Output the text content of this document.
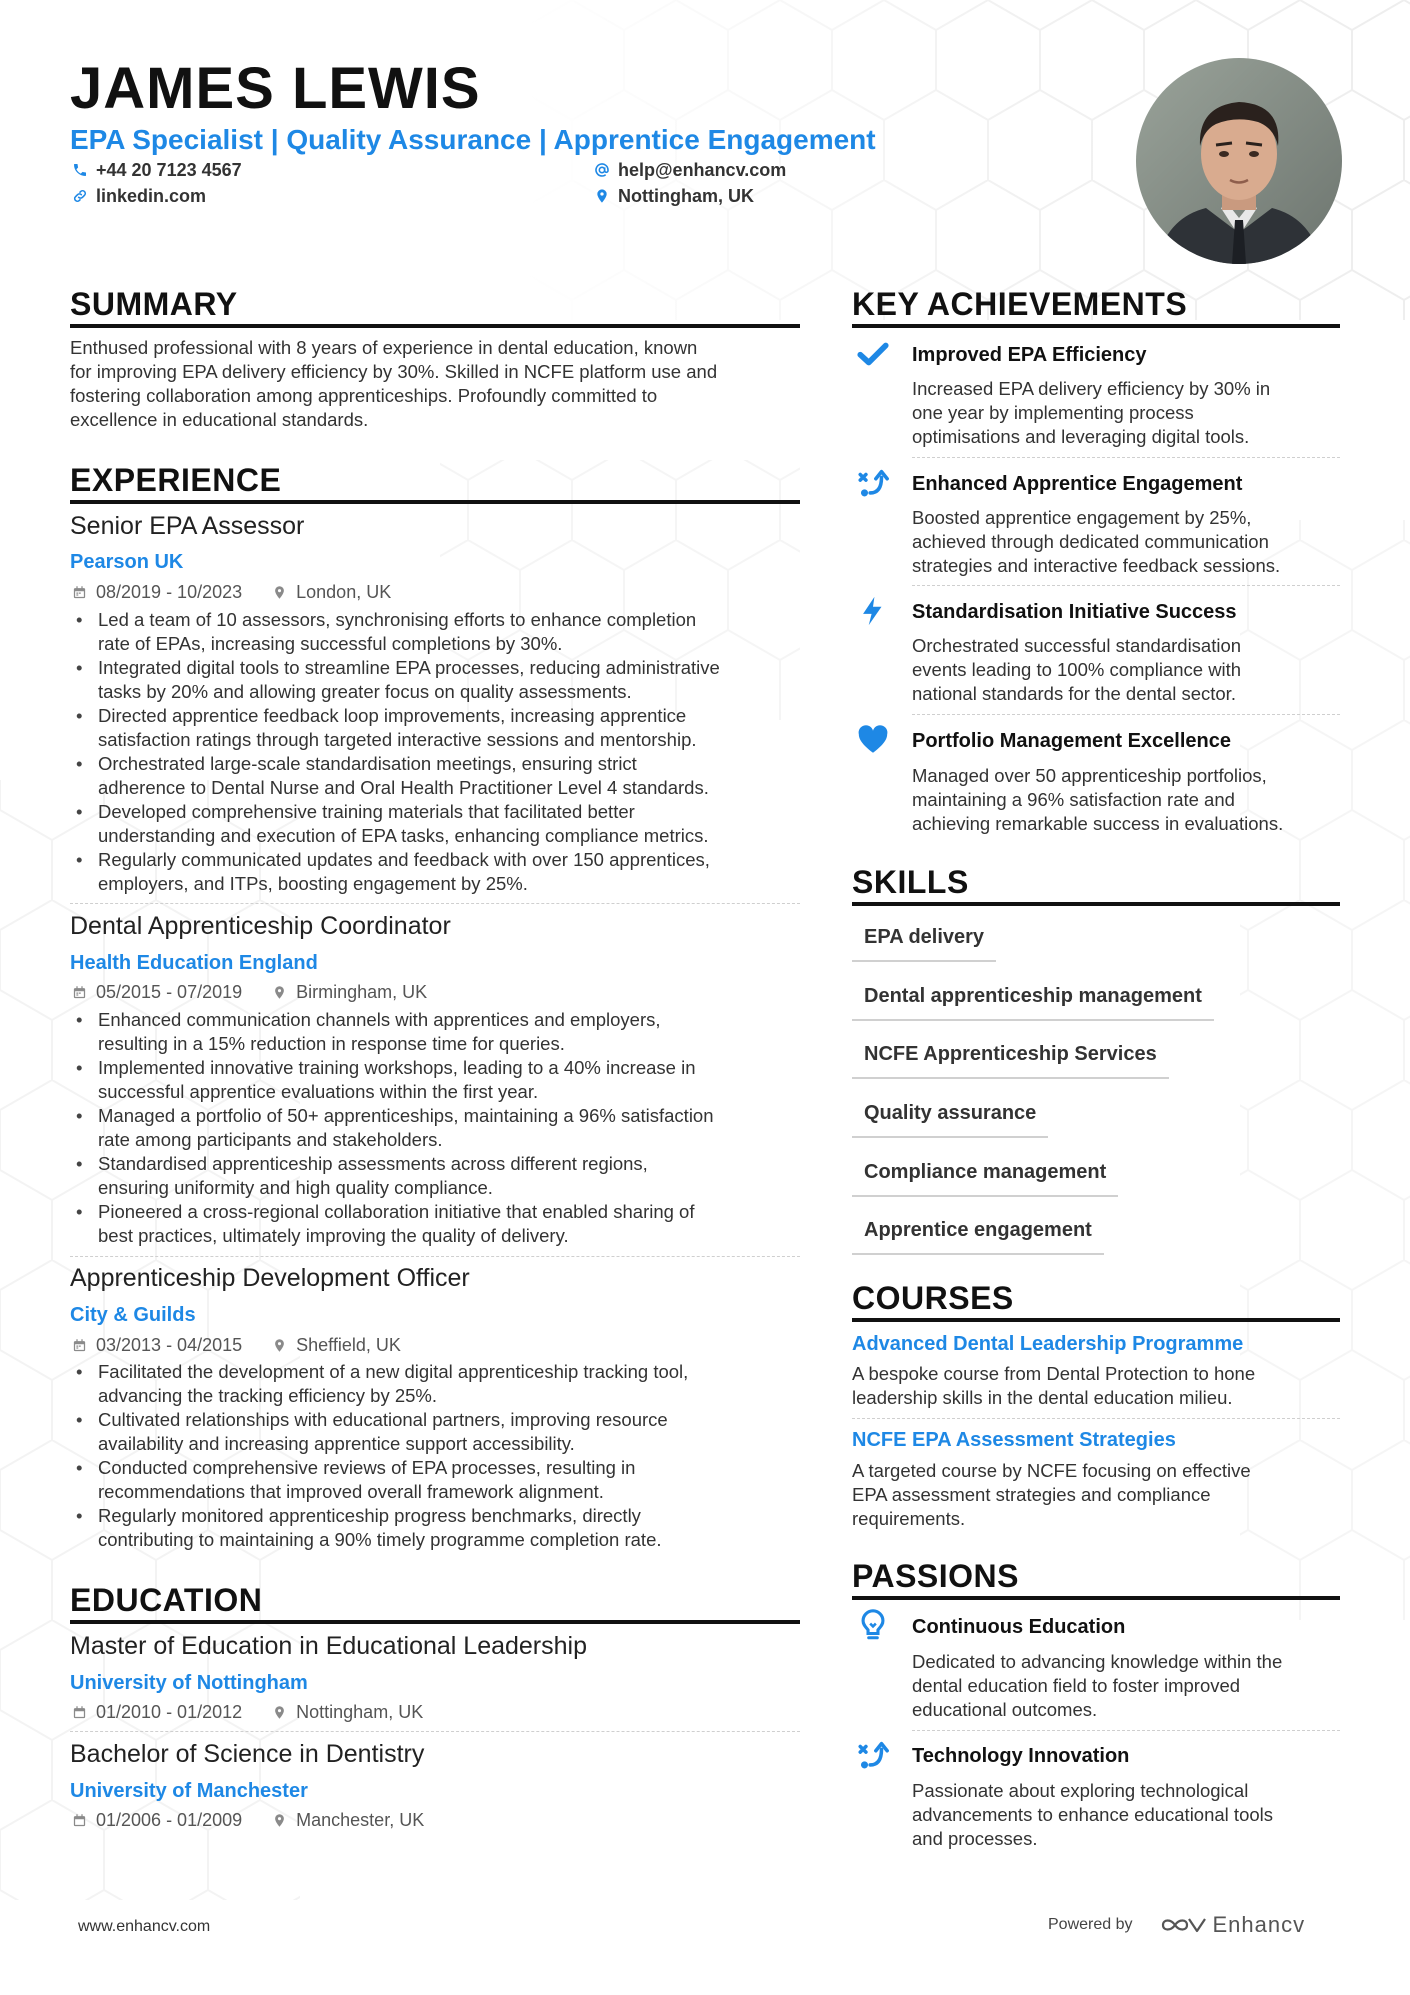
JAMES LEWIS
EPA Specialist | Quality Assurance | Apprentice Engagement
+44 20 7123 4567	help@enhancv.com
linkedin.com	Nottingham, UK
SUMMARY
Enthused professional with 8 years of experience in dental education, known
for improving EPA delivery efficiency by 30%. Skilled in NCFE platform use and
fostering collaboration among apprenticeships. Profoundly committed to
excellence in educational standards.
EXPERIENCE
Senior EPA Assessor
Pearson UK
08/2019 - 10/2023	London, UK
• Led a team of 10 assessors, synchronising efforts to enhance completion
rate of EPAs, increasing successful completions by 30%.
• Integrated digital tools to streamline EPA processes, reducing administrative
tasks by 20% and allowing greater focus on quality assessments.
• Directed apprentice feedback loop improvements, increasing apprentice
satisfaction ratings through targeted interactive sessions and mentorship.
• Orchestrated large-scale standardisation meetings, ensuring strict
adherence to Dental Nurse and Oral Health Practitioner Level 4 standards.
• Developed comprehensive training materials that facilitated better
understanding and execution of EPA tasks, enhancing compliance metrics.
• Regularly communicated updates and feedback with over 150 apprentices,
employers, and ITPs, boosting engagement by 25%.
Dental Apprenticeship Coordinator
Health Education England
05/2015 - 07/2019	Birmingham, UK
• Enhanced communication channels with apprentices and employers,
resulting in a 15% reduction in response time for queries.
• Implemented innovative training workshops, leading to a 40% increase in
successful apprentice evaluations within the first year.
• Managed a portfolio of 50+ apprenticeships, maintaining a 96% satisfaction
rate among participants and stakeholders.
• Standardised apprenticeship assessments across different regions,
ensuring uniformity and high quality compliance.
• Pioneered a cross-regional collaboration initiative that enabled sharing of
best practices, ultimately improving the quality of delivery.
Apprenticeship Development Officer
City & Guilds
03/2013 - 04/2015	Sheffield, UK
• Facilitated the development of a new digital apprenticeship tracking tool,
advancing the tracking efficiency by 25%.
• Cultivated relationships with educational partners, improving resource
availability and increasing apprentice support accessibility.
• Conducted comprehensive reviews of EPA processes, resulting in
recommendations that improved overall framework alignment.
• Regularly monitored apprenticeship progress benchmarks, directly
contributing to maintaining a 90% timely programme completion rate.
EDUCATION
Master of Education in Educational Leadership
University of Nottingham
01/2010 - 01/2012	Nottingham, UK
Bachelor of Science in Dentistry
University of Manchester
01/2006 - 01/2009	Manchester, UK
KEY ACHIEVEMENTS
Improved EPA Efficiency
Increased EPA delivery efficiency by 30% in
one year by implementing process
optimisations and leveraging digital tools.
Enhanced Apprentice Engagement
Boosted apprentice engagement by 25%,
achieved through dedicated communication
strategies and interactive feedback sessions.
Standardisation Initiative Success
Orchestrated successful standardisation
events leading to 100% compliance with
national standards for the dental sector.
Portfolio Management Excellence
Managed over 50 apprenticeship portfolios,
maintaining a 96% satisfaction rate and
achieving remarkable success in evaluations.
SKILLS
EPA delivery
Dental apprenticeship management
NCFE Apprenticeship Services
Quality assurance
Compliance management
Apprentice engagement
COURSES
Advanced Dental Leadership Programme
A bespoke course from Dental Protection to hone
leadership skills in the dental education milieu.
NCFE EPA Assessment Strategies
A targeted course by NCFE focusing on effective
EPA assessment strategies and compliance
requirements.
PASSIONS
Continuous Education
Dedicated to advancing knowledge within the
dental education field to foster improved
educational outcomes.
Technology Innovation
Passionate about exploring technological
advancements to enhance educational tools
and processes.
www.enhancv.com	Powered by	Enhancv
